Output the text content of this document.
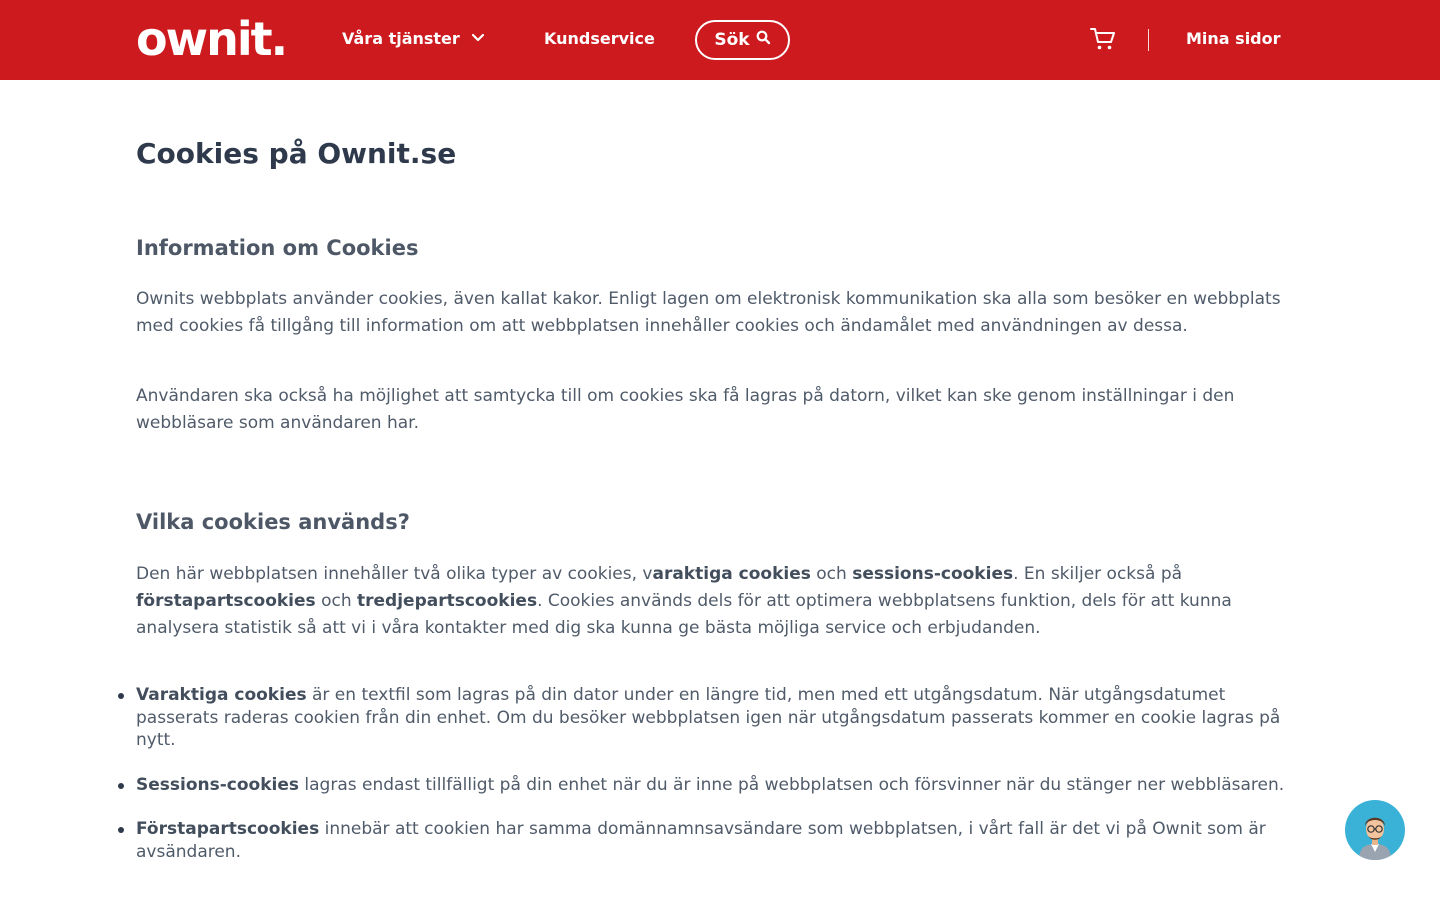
ownit.	Våra tjänster	Kundservice	Sök	Mina sidor
Cookies på Ownit.se
Information om Cookies

Ownits webbplats använder cookies, även kallat kakor. Enligt lagen om elektronisk kommunikation ska alla som besöker en webbplats med cookies få tillgång till information om att webbplatsen innehåller cookies och ändamålet med användningen av dessa.

Användaren ska också ha möjlighet att samtycka till om cookies ska få lagras på datorn, vilket kan ske genom inställningar i den webbläsare som användaren har.

Vilka cookies används?

Den här webbplatsen innehåller två olika typer av cookies, varaktiga cookies och sessions-cookies. En skiljer också på förstapartscookies och tredjepartscookies. Cookies används dels för att optimera webbplatsens funktion, dels för att kunna analysera statistik så att vi i våra kontakter med dig ska kunna ge bästa möjliga service och erbjudanden.

Varaktiga cookies är en textfil som lagras på din dator under en längre tid, men med ett utgångsdatum. När utgångsdatumet passerats raderas cookien från din enhet. Om du besöker webbplatsen igen när utgångsdatum passerats kommer en cookie lagras på nytt.
Sessions-cookies lagras endast tillfälligt på din enhet när du är inne på webbplatsen och försvinner när du stänger ner webbläsaren.
Förstapartscookies innebär att cookien har samma domännamnsavsändare som webbplatsen, i vårt fall är det vi på Ownit som är avsändaren.
